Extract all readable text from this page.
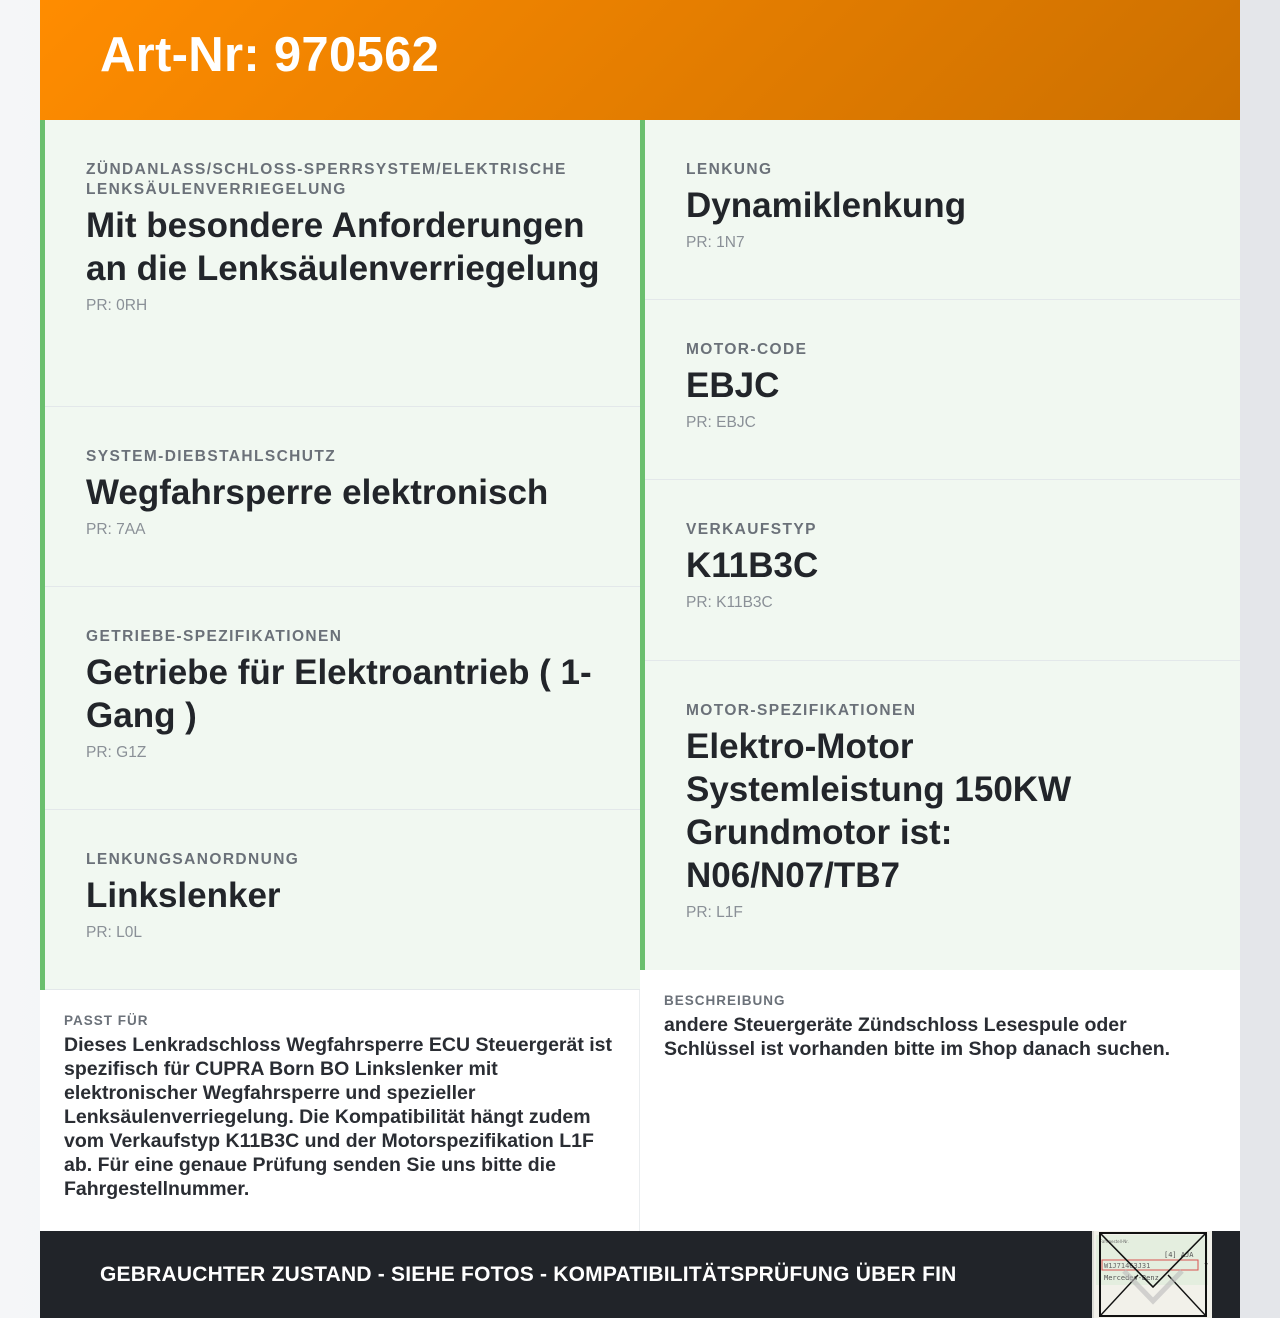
Art-Nr: 970562
ZÜNDANLASS/SCHLOSS-SPERRSYSTEM/ELEKTRISCHE LENKSÄULENVERRIEGELUNG
Mit besondere Anforderungen an die Lenksäulenverriegelung
PR: 0RH
SYSTEM-DIEBSTAHLSCHUTZ
Wegfahrsperre elektronisch
PR: 7AA
GETRIEBE-SPEZIFIKATIONEN
Getriebe für Elektroantrieb ( 1-Gang )
PR: G1Z
LENKUNGSANORDNUNG
Linkslenker
PR: L0L
PASST FÜR
Dieses Lenkradschloss Wegfahrsperre ECU Steuergerät ist spezifisch für CUPRA Born BO Linkslenker mit elektronischer Wegfahrsperre und spezieller Lenksäulenverriegelung. Die Kompatibilität hängt zudem vom Verkaufstyp K11B3C und der Motorspezifikation L1F ab. Für eine genaue Prüfung senden Sie uns bitte die Fahrgestellnummer.
LENKUNG
Dynamiklenkung
PR: 1N7
MOTOR-CODE
EBJC
PR: EBJC
VERKAUFSTYP
K11B3C
PR: K11B3C
MOTOR-SPEZIFIKATIONEN
Elektro-Motor Systemleistung 150KW Grundmotor ist: N06/N07/TB7
PR: L1F
BESCHREIBUNG
andere Steuergeräte Zündschloss Lesespule oder Schlüssel ist vorhanden bitte im Shop danach suchen.
GEBRAUCHTER ZUSTAND - SIEHE FOTOS - KOMPATIBILITÄTSPRÜFUNG ÜBER FIN
Fahrgestell-Nr.
[4] AJA
W1J71463J31	7
Mercedes-Benz
